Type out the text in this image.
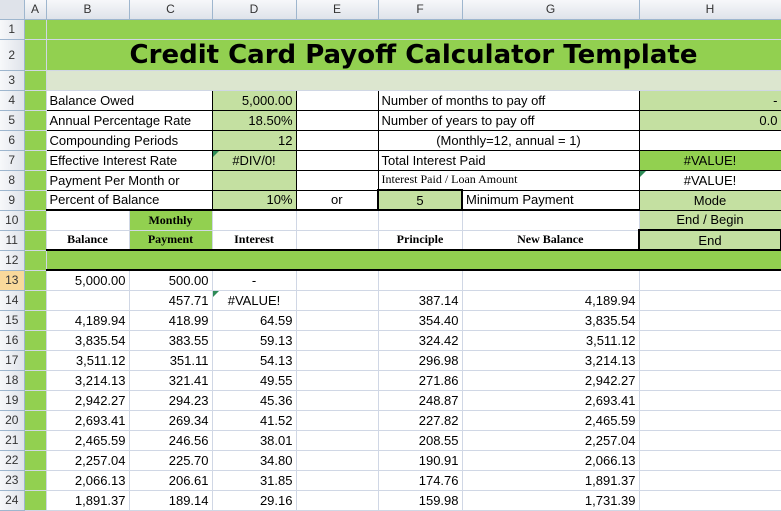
	A	B	C	D	E	F	G	H
1								
2		Credit Card Payoff Calculator Template						
3								
4		Balance Owed		5,000.00		Number of months to pay off		-
5		Annual Percentage Rate		18.50%		Number of years to pay off		0.0
6		Compounding Periods		12		(Monthly=12, annual = 1)		
7		Effective Interest Rate		#DIV/0!		Total Interest Paid		#VALUE!
8		Payment Per Month or				Interest Paid / Loan Amount		#VALUE!
9		Percent of Balance		10%	or	5	Minimum Payment	Mode
10			Monthly					End / Begin
11		Balance	Payment	Interest		Principle	New Balance	End
12								
13		5,000.00	500.00	-				
14			457.71	#VALUE!		387.14	4,189.94	
15		4,189.94	418.99	64.59		354.40	3,835.54	
16		3,835.54	383.55	59.13		324.42	3,511.12	
17		3,511.12	351.11	54.13		296.98	3,214.13	
18		3,214.13	321.41	49.55		271.86	2,942.27	
19		2,942.27	294.23	45.36		248.87	2,693.41	
20		2,693.41	269.34	41.52		227.82	2,465.59	
21		2,465.59	246.56	38.01		208.55	2,257.04	
22		2,257.04	225.70	34.80		190.91	2,066.13	
23		2,066.13	206.61	31.85		174.76	1,891.37	
24		1,891.37	189.14	29.16		159.98	1,731.39	
